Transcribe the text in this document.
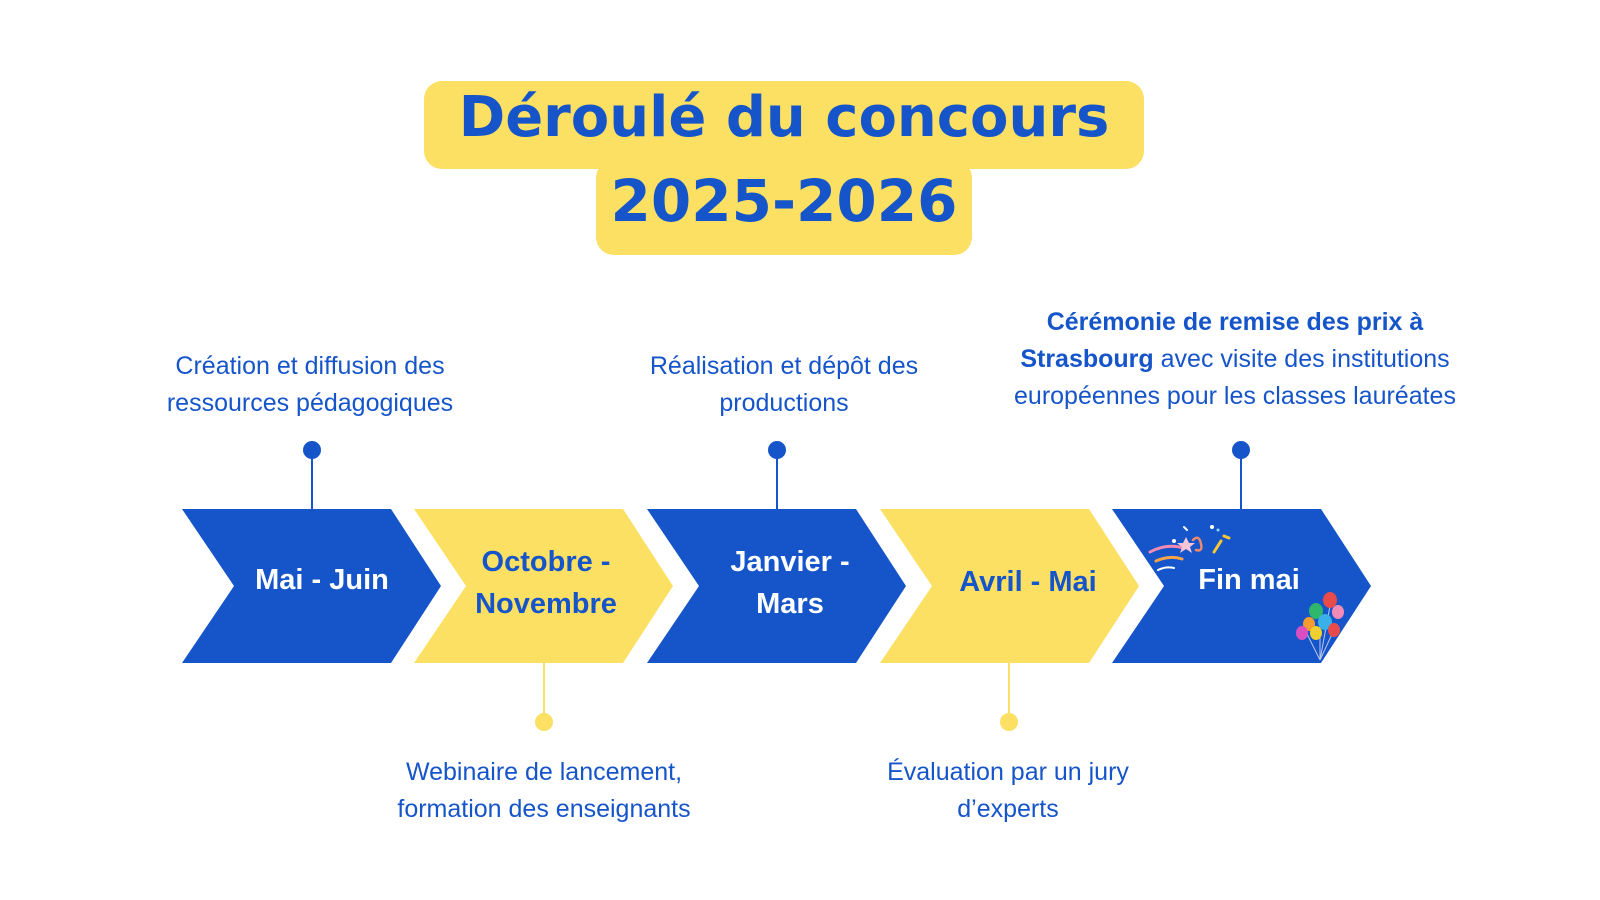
Déroulé du concours
2025-2026
Mai - Juin
Octobre -
Novembre
Janvier -
Mars
Avril - Mai	Fin mai
Création et diffusion des
ressources pédagogiques
Webinaire de lancement,
formation des enseignants
Réalisation et dépôt des
productions
Évaluation par un jury
d’experts
Cérémonie de remise des prix à
Strasbourg avec visite des institutions
européennes pour les classes lauréates
